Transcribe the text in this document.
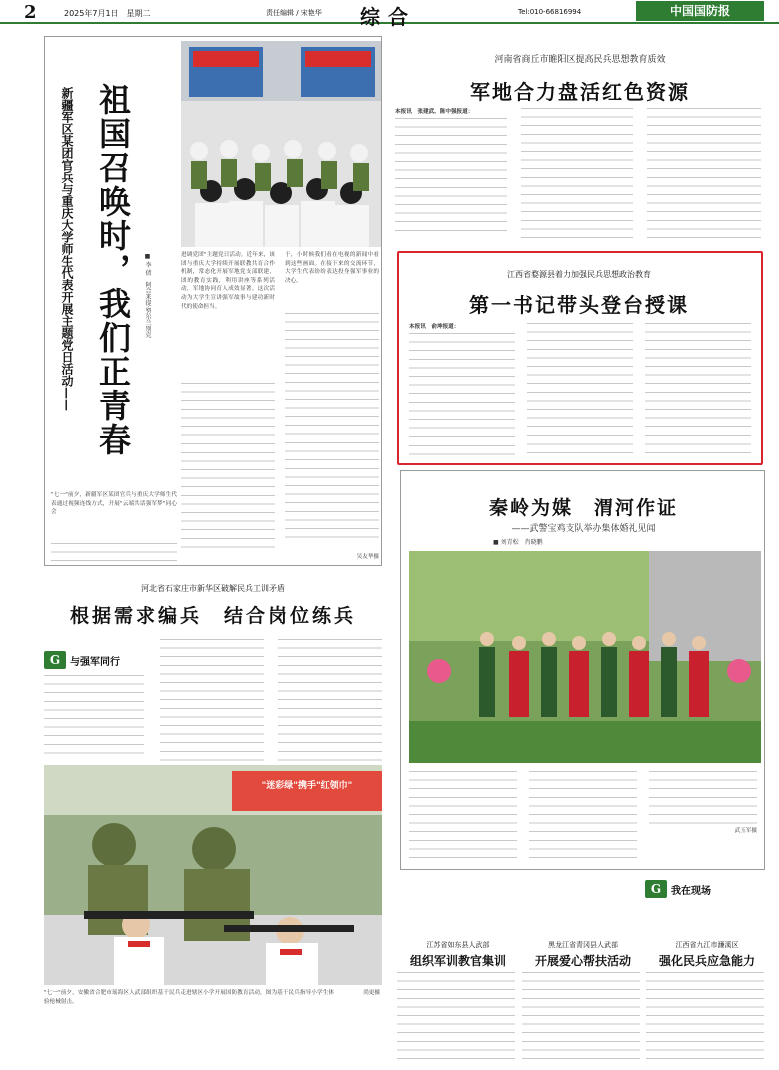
2	2025年7月1日　星期二	责任编辑 / 宋艳华 综合	Tel:010-66816994	中国国防报
新疆军区某团官兵与重庆大学师生代表开展主题党日活动—— 祖国召唤时，我们正青春	■ 李 倩　阿合来提·努尔兰别克	进调党团"主题党日活动。近年来，该团与重庆大学持续开展联教共育合作机制，常态化开展军地党支部联建，团的教育实践，利用讲座等系列活动，军地协同育人成效显著。这次活动为大学生宣讲强军故事与建功新时代的使命担当。
于，小时候我们看在电视的新闻中看到这些画面。在接下来的交流环节，大学生代表纷纷表达投身强军事业的决心。
"七一"前夕，新疆军区某团官兵与重庆大学师生代表通过视频连线方式，开展"云端共话强军梦"同心会
吴友华摄
河南省商丘市睢阳区提高民兵思想教育质效
军地合力盘活红色资源
本报讯　张建武、陈中强报道：
江西省婺源县着力加强民兵思想政治教育
第一书记带头登台授课
本报讯　俞坤报道：
秦岭为媒　渭河作证
——武警宝鸡支队举办集体婚礼见闻
■ 刘青松　肖晓鹏
武玉军摄
G 我在现场
河北省石家庄市新华区破解民兵工训矛盾
根据需求编兵　结合岗位练兵
G 与强军同行
"迷彩绿"携手"红领巾"
"七一"前夕，安徽省合肥市瑶海区人武部组织基干民兵走进辖区小学开展国防教育活动，图为基干民兵指导小学生体验枪械射击。
尚更摄
江苏省如东县人武部
组织军训教官集训
黑龙江省青冈县人武部
开展爱心帮扶活动
江西省九江市濂溪区
强化民兵应急能力
